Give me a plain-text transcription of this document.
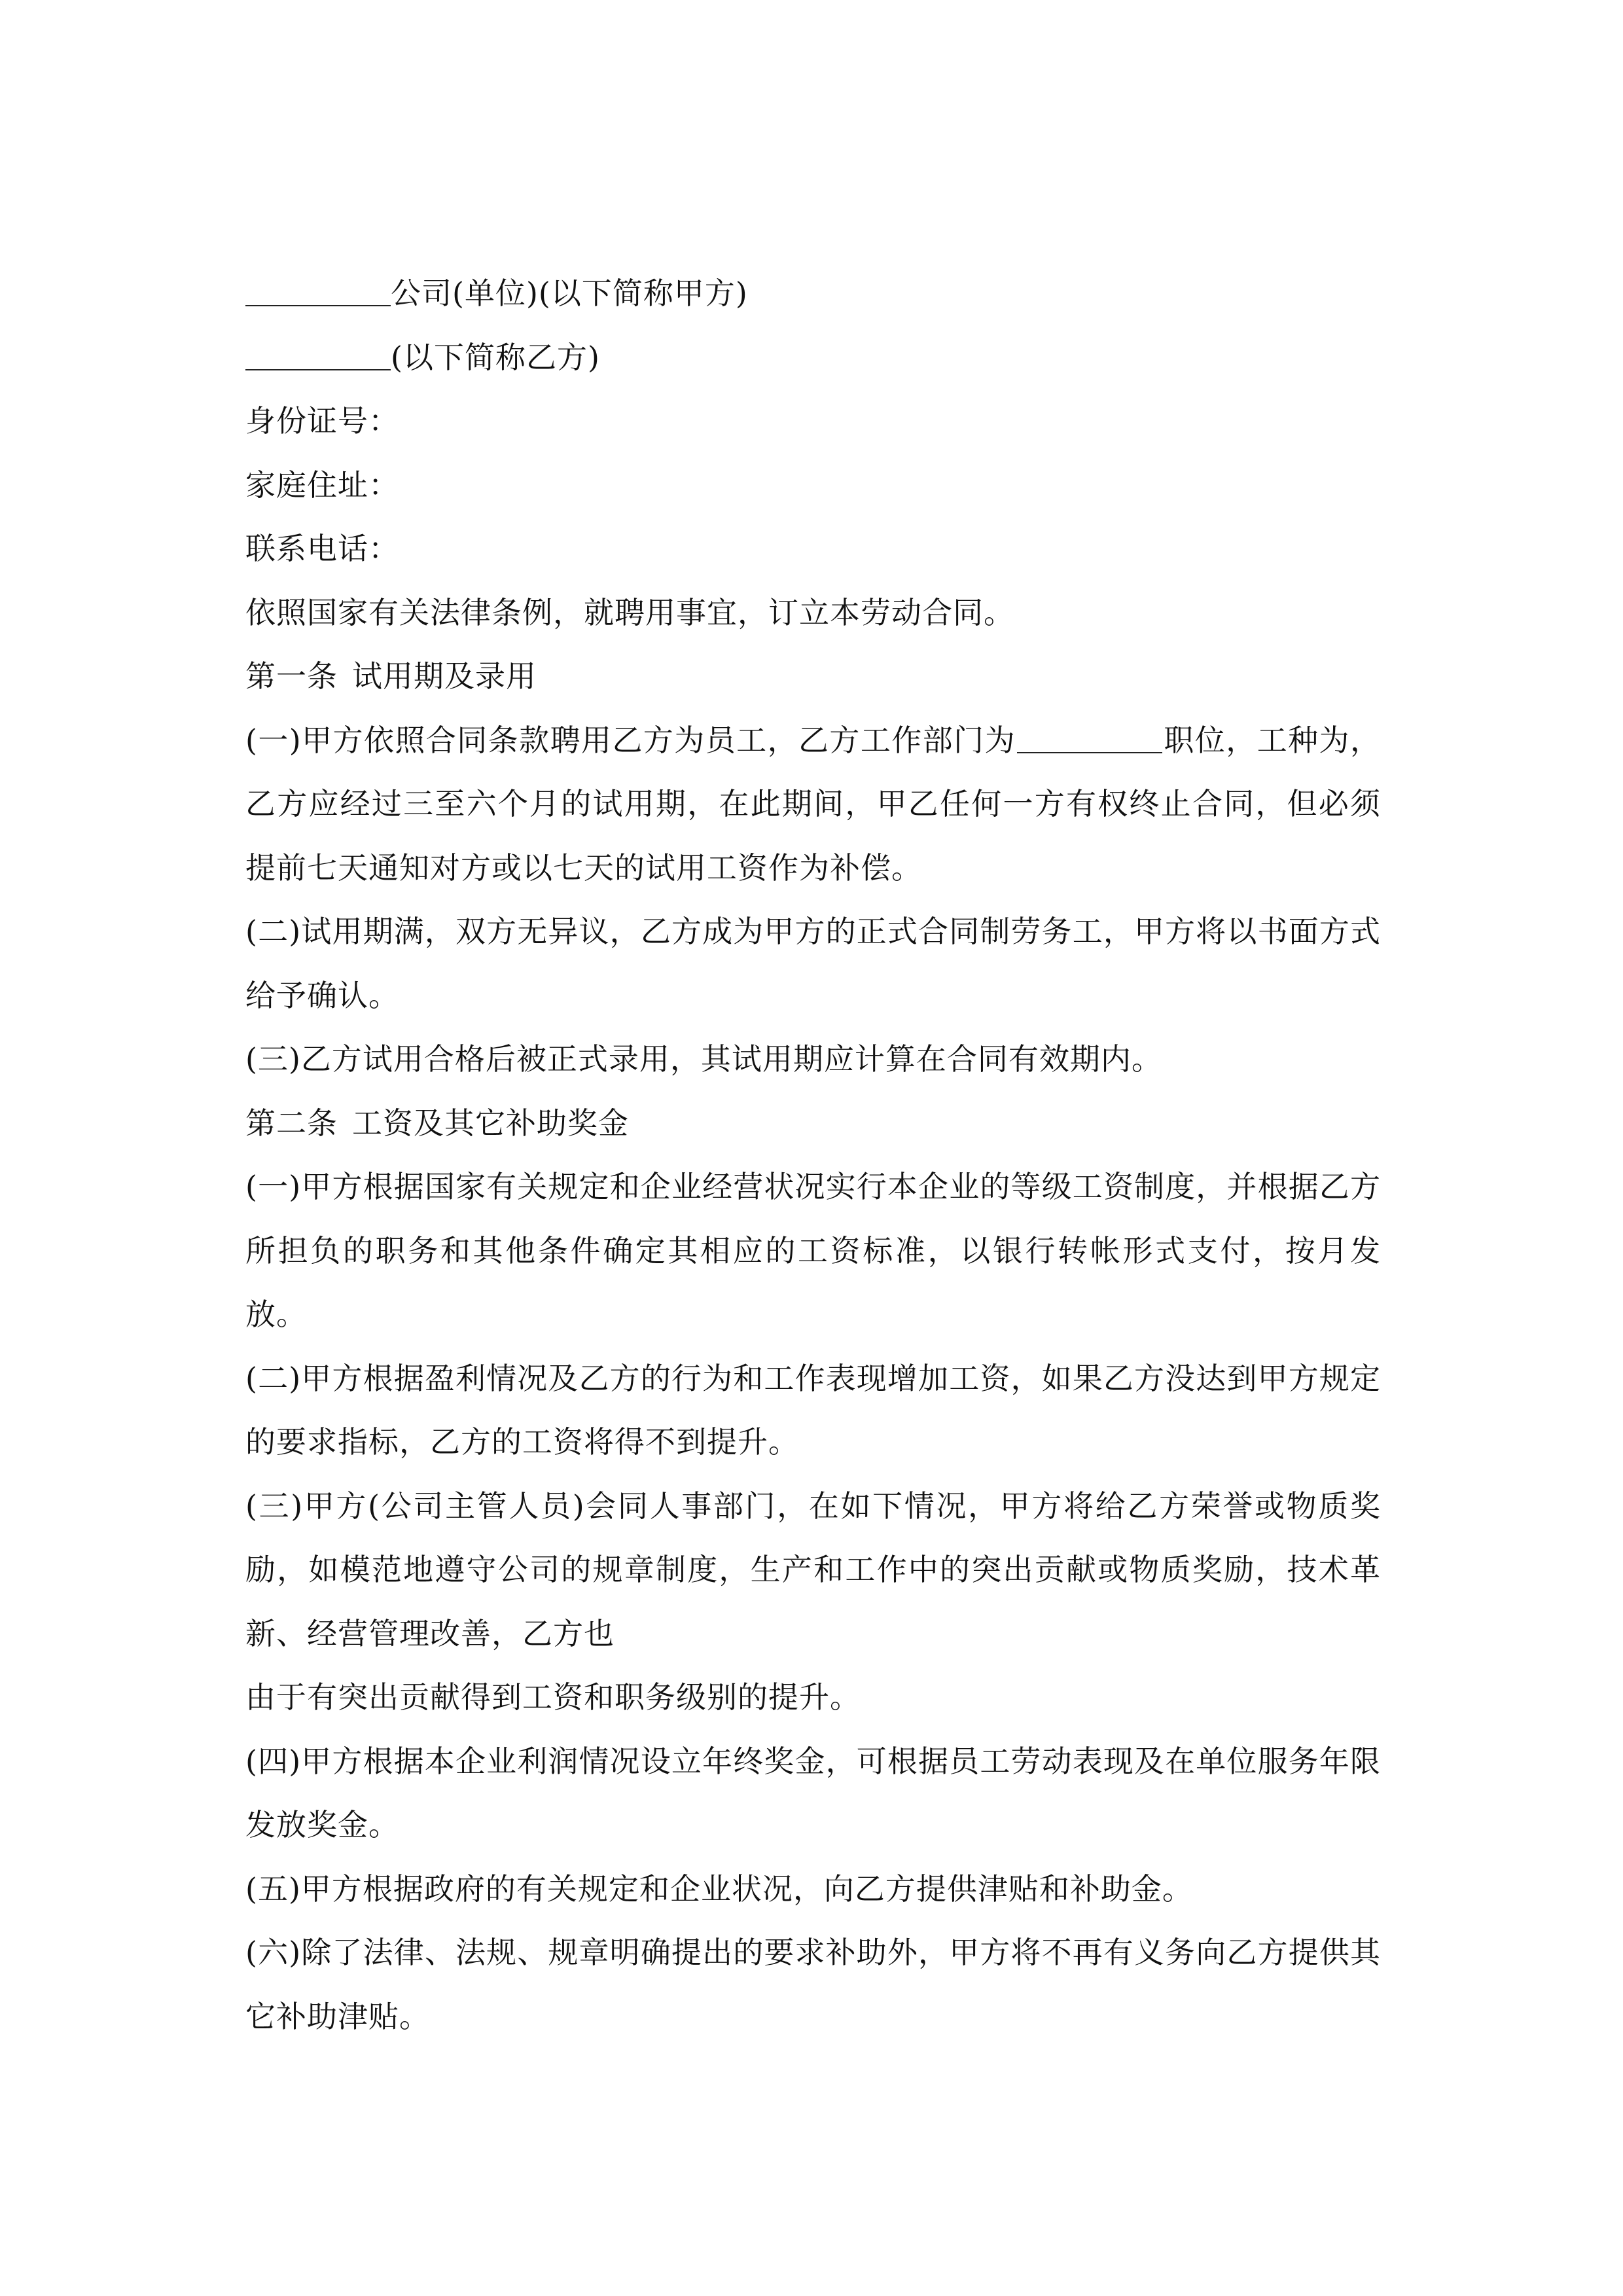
公司(单位)(以下简称甲方)
(以下简称乙方)
身份证号：
家庭住址：
联系电话：
依照国家有关法律条例，就聘用事宜，订立本劳动合同。
第一条 试用期及录用
(一)甲方依照合同条款聘用乙方为员工，乙方工作部门为	职位，工种为，乙方应经过三至六个月的试用期，在此期间，甲乙任何一方有权终止合同，但必须提前七天通知对方或以七天的试用工资作为补偿。
(二)试用期满，双方无异议，乙方成为甲方的正式合同制劳务工，甲方将以书面方式给予确认。
(三)乙方试用合格后被正式录用，其试用期应计算在合同有效期内。
第二条 工资及其它补助奖金
(一)甲方根据国家有关规定和企业经营状况实行本企业的等级工资制度，并根据乙方所担负的职务和其他条件确定其相应的工资标准，以银行转帐形式支付，按月发放。
(二)甲方根据盈利情况及乙方的行为和工作表现增加工资，如果乙方没达到甲方规定的要求指标，乙方的工资将得不到提升。
(三)甲方(公司主管人员)会同人事部门，在如下情况，甲方将给乙方荣誉或物质奖励，如模范地遵守公司的规章制度，生产和工作中的突出贡献或物质奖励，技术革新、经营管理改善，乙方也
由于有突出贡献得到工资和职务级别的提升。
(四)甲方根据本企业利润情况设立年终奖金，可根据员工劳动表现及在单位服务年限发放奖金。
(五)甲方根据政府的有关规定和企业状况，向乙方提供津贴和补助金。
(六)除了法律、法规、规章明确提出的要求补助外，甲方将不再有义务向乙方提供其它补助津贴。
